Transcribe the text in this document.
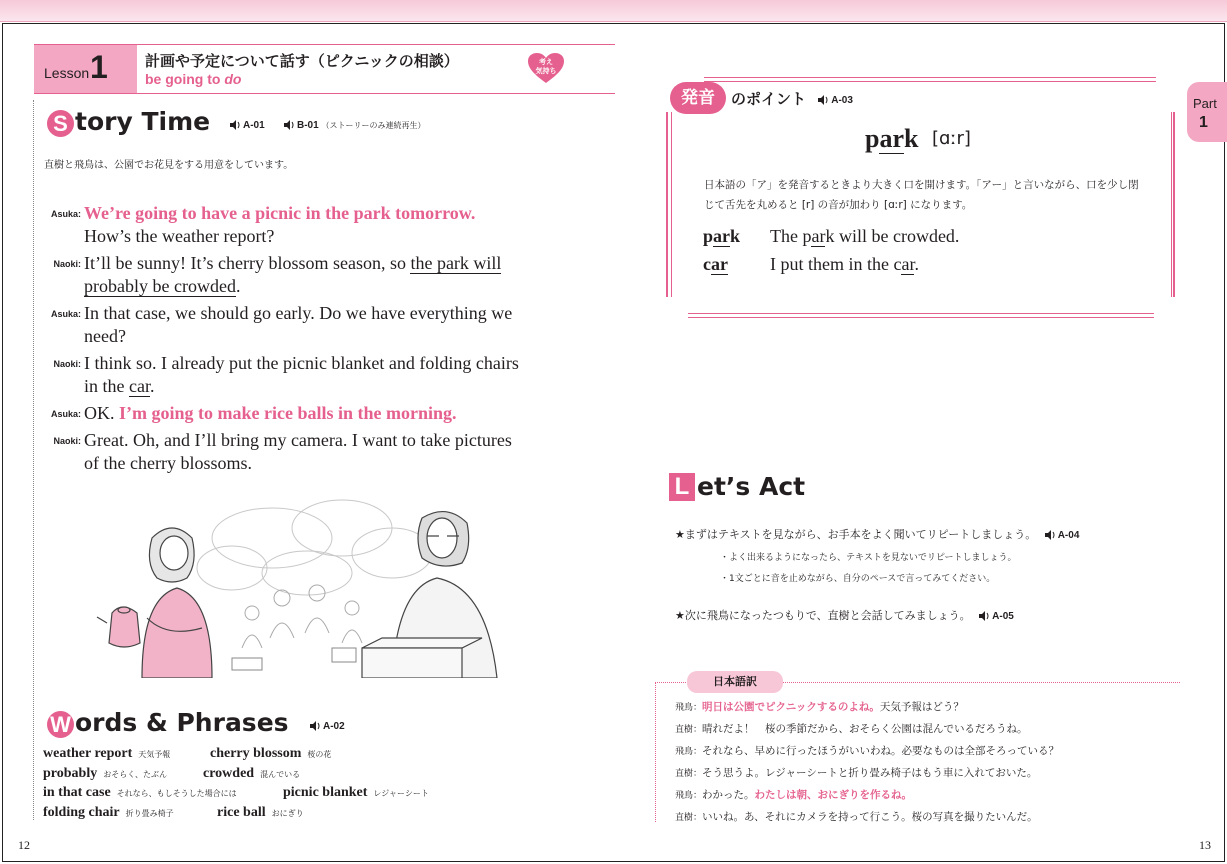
Lesson 1 計画や予定について話す（ピクニックの相談）
be going to do
考え
気持ち
S tory Time	A-01	B-01 （ストーリーのみ連続再生）
直樹と飛鳥は、公園でお花見をする用意をしています。
Asuka: We’re going to have a picnic in the park tomorrow.
How’s the weather report?
Naoki: It’ll be sunny! It’s cherry blossom season, so the park will
probably be crowded.
Asuka: In that case, we should go early. Do we have everything we
need?
Naoki: I think so. I already put the picnic blanket and folding chairs
in the car.
Asuka: OK. I’m going to make rice balls in the morning.
Naoki: Great. Oh, and I’ll bring my camera. I want to take pictures
of the cherry blossoms.
W ords & Phrases	A-02
weather report 天気予報	cherry blossom 桜の花
probably おそらく、たぶん	crowded 混んでいる
in that case それなら、もしそうした場合には	picnic blanket レジャーシート
folding chair 折り畳み椅子	rice ball おにぎり
12
発音	のポイント	A-03
park [ɑːr]
日本語の「ア」を発音するときより大きく口を開けます。「アー」と言いながら、口を少し閉じて舌先を丸めると [r] の音が加わり [ɑːr] になります。
park The park will be crowded.
car I put them in the car.
Part
1
L et’s Act
★まずはテキストを見ながら、お手本をよく聞いてリピートしましょう。 A-04
・よく出来るようになったら、テキストを見ないでリピートしましょう。
・1文ごとに音を止めながら、自分のペースで言ってみてください。
★次に飛鳥になったつもりで、直樹と会話してみましょう。 A-05
日本語訳
飛鳥：明日は公園でピクニックするのよね。天気予報はどう？
直樹：晴れだよ！　桜の季節だから、おそらく公園は混んでいるだろうね。
飛鳥：それなら、早めに行ったほうがいいわね。必要なものは全部そろっている？
直樹：そう思うよ。レジャーシートと折り畳み椅子はもう車に入れておいた。
飛鳥：わかった。わたしは朝、おにぎりを作るね。
直樹：いいね。あ、それにカメラを持って行こう。桜の写真を撮りたいんだ。
13
